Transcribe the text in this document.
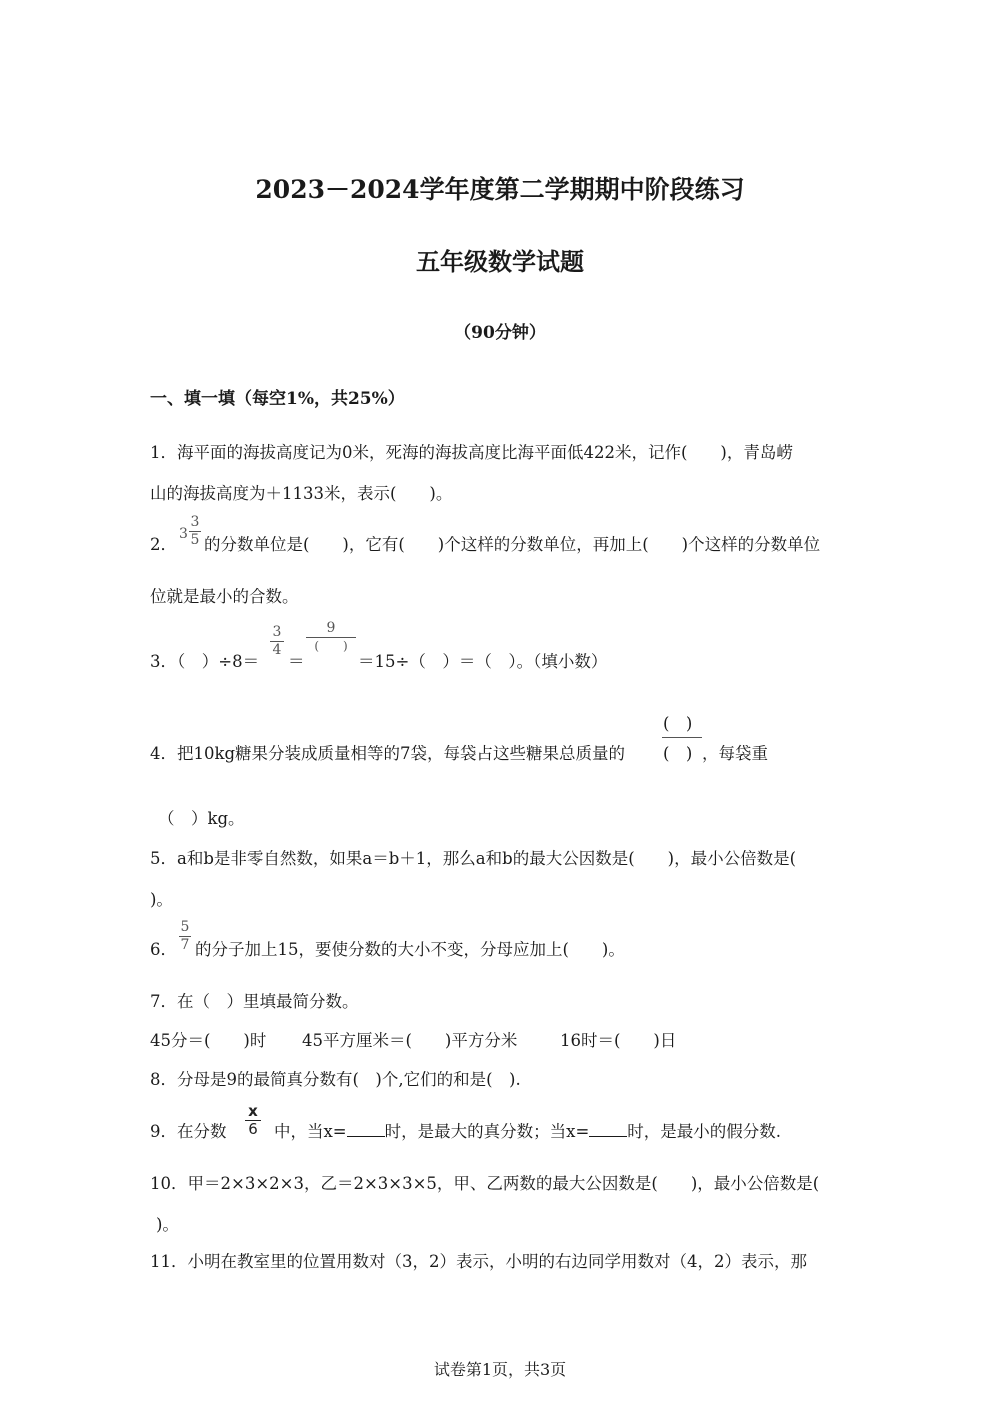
2023－2024学年度第二学期期中阶段练习
五年级数学试题
（90分钟）
一、填一填（每空1%，共25%）
1．海平面的海拔高度记为0米，死海的海拔高度比海平面低422米，记作(　　)，青岛崂
山的海拔高度为＋1133米，表示(　　)。
2．
3
3
5 的分数单位是(　　)，它有(　　)个这样的分数单位，再加上(　　)个这样的分数单位
位就是最小的合数。
3．（　）÷8＝
3
4
＝
9
(　　)
＝15÷（　）＝（　）。（填小数）
(　)
4．把10kg糖果分装成质量相等的7袋，每袋占这些糖果总质量的 (　) ，每袋重
（　）kg。
5．a和b是非零自然数，如果a＝b＋1，那么a和b的最大公因数是(　　)，最小公倍数是(
)。
6．
5
7 的分子加上15，要使分数的大小不变，分母应加上(　　)。
7．在（　）里填最简分数。
45分＝(　　)时 45平方厘米＝(　　)平方分米	16时＝(　　)日
8．分母是9的最简真分数有(　)个,它们的和是(　).
9．在分数
x
6 中，当x= 时，是最大的真分数；当x= 时，是最小的假分数.
10．甲＝2×3×2×3，乙＝2×3×3×5，甲、乙两数的最大公因数是(　　)，最小公倍数是(
)。
11．小明在教室里的位置用数对（3，2）表示，小明的右边同学用数对（4，2）表示，那
试卷第1页，共3页
